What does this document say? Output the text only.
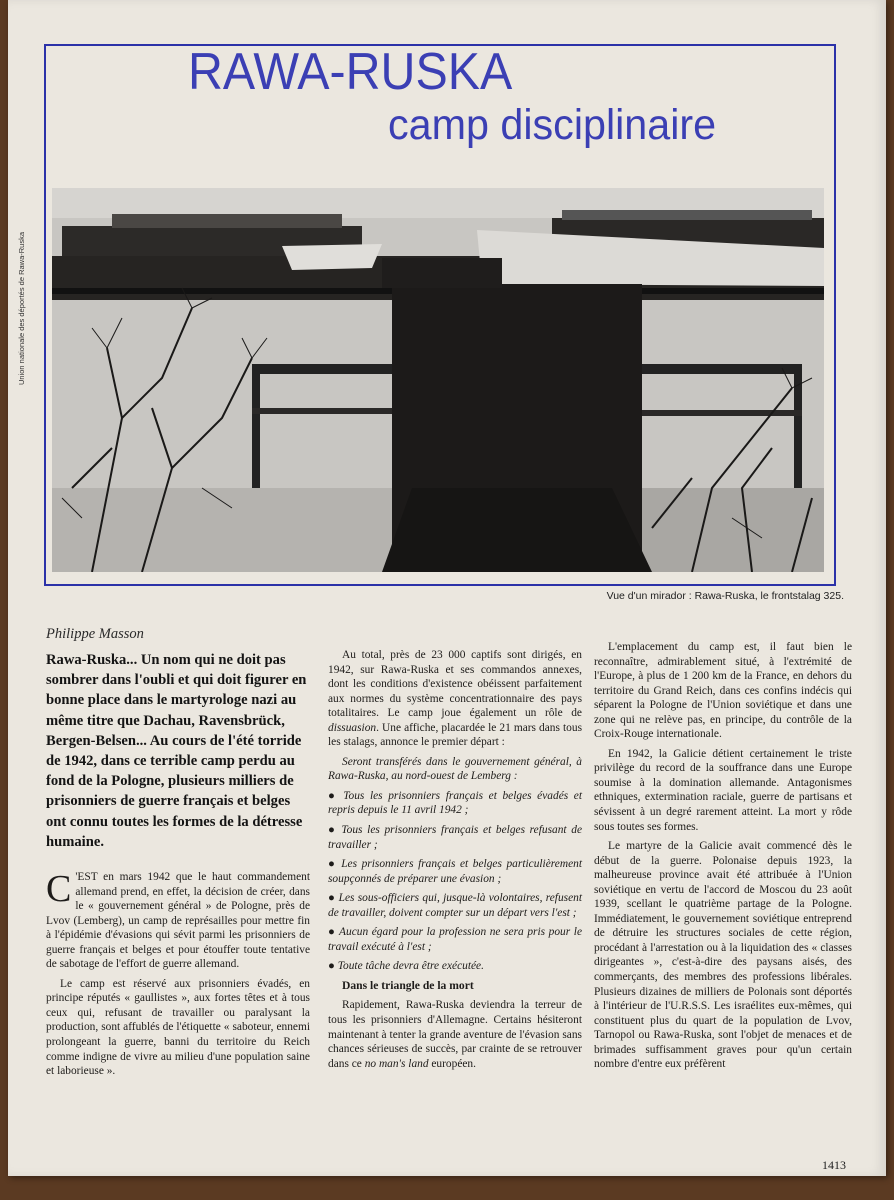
RAWA-RUSKA
camp disciplinaire
Union nationale des déportés de Rawa-Ruska
Vue d'un mirador : Rawa-Ruska, le frontstalag 325.
Philippe Masson

Rawa-Ruska... Un nom qui ne doit pas sombrer dans l'oubli et qui doit figurer en bonne place dans le martyrologe nazi au même titre que Dachau, Ravensbrück, Bergen-Belsen... Au cours de l'été torride de 1942, dans ce terrible camp perdu au fond de la Pologne, plusieurs milliers de prisonniers de guerre français et belges ont connu toutes les formes de la détresse humaine.

C 'EST en mars 1942 que le haut commandement allemand prend, en effet, la décision de créer, dans le « gouvernement général » de Pologne, près de Lvov (Lemberg), un camp de représailles pour mettre fin à l'épidémie d'évasions qui sévit parmi les prisonniers de guerre français et belges et pour étouffer toute tentative de sabotage de l'effort de guerre allemand.

Le camp est réservé aux prisonniers évadés, en principe réputés « gaullistes », aux fortes têtes et à tous ceux qui, refusant de travailler ou paralysant la production, sont affublés de l'étiquette « saboteur, ennemi prolongeant la guerre, banni du territoire du Reich comme indigne de vivre au milieu d'une population saine et laborieuse ».

Au total, près de 23 000 captifs sont dirigés, en 1942, sur Rawa-Ruska et ses commandos annexes, dont les conditions d'existence obéissent parfaitement aux normes du système concentrationnaire des pays totalitaires. Le camp joue également un rôle de dissuasion. Une affiche, placardée le 21 mars dans tous les stalags, annonce le premier départ :

Seront transférés dans le gouvernement général, à Rawa-Ruska, au nord-ouest de Lemberg :

● Tous les prisonniers français et belges évadés et repris depuis le 11 avril 1942 ;

● Tous les prisonniers français et belges refusant de travailler ;

● Les prisonniers français et belges particulièrement soupçonnés de préparer une évasion ;

● Les sous-officiers qui, jusque-là volontaires, refusent de travailler, doivent compter sur un départ vers l'est ;

● Aucun égard pour la profession ne sera pris pour le travail exécuté à l'est ;

● Toute tâche devra être exécutée.

Dans le triangle de la mort

Rapidement, Rawa-Ruska deviendra la terreur de tous les prisonniers d'Allemagne. Certains hésiteront maintenant à tenter la grande aventure de l'évasion sans chances sérieuses de succès, par crainte de se retrouver dans ce no man's land européen.

L'emplacement du camp est, il faut bien le reconnaître, admirablement situé, à l'extrémité de l'Europe, à plus de 1 200 km de la France, en dehors du territoire du Grand Reich, dans ces confins indécis qui séparent la Pologne de l'Union soviétique et dans une zone qui ne relève pas, en principe, du contrôle de la Croix-Rouge internationale.

En 1942, la Galicie détient certainement le triste privilège du record de la souffrance dans une Europe soumise à la domination allemande. Antagonismes ethniques, extermination raciale, guerre de partisans et sévissent à un degré rarement atteint. La mort y rôde sous toutes ses formes.

Le martyre de la Galicie avait commencé dès le début de la guerre. Polonaise depuis 1923, la malheureuse province avait été attribuée à l'Union soviétique en vertu de l'accord de Moscou du 23 août 1939, scellant le quatrième partage de la Pologne. Immédiatement, le gouvernement soviétique entreprend de détruire les structures sociales de cette région, procédant à l'arrestation ou à la liquidation des « classes dirigeantes », c'est-à-dire des paysans aisés, des commerçants, des membres des professions libérales. Plusieurs dizaines de milliers de Polonais sont déportés à l'intérieur de l'U.R.S.S. Les israélites eux-mêmes, qui constituent plus du quart de la population de Lvov, Tarnopol ou Rawa-Ruska, sont l'objet de menaces et de brimades suffisamment graves pour qu'un certain nombre d'entre eux préfèrent

1413
